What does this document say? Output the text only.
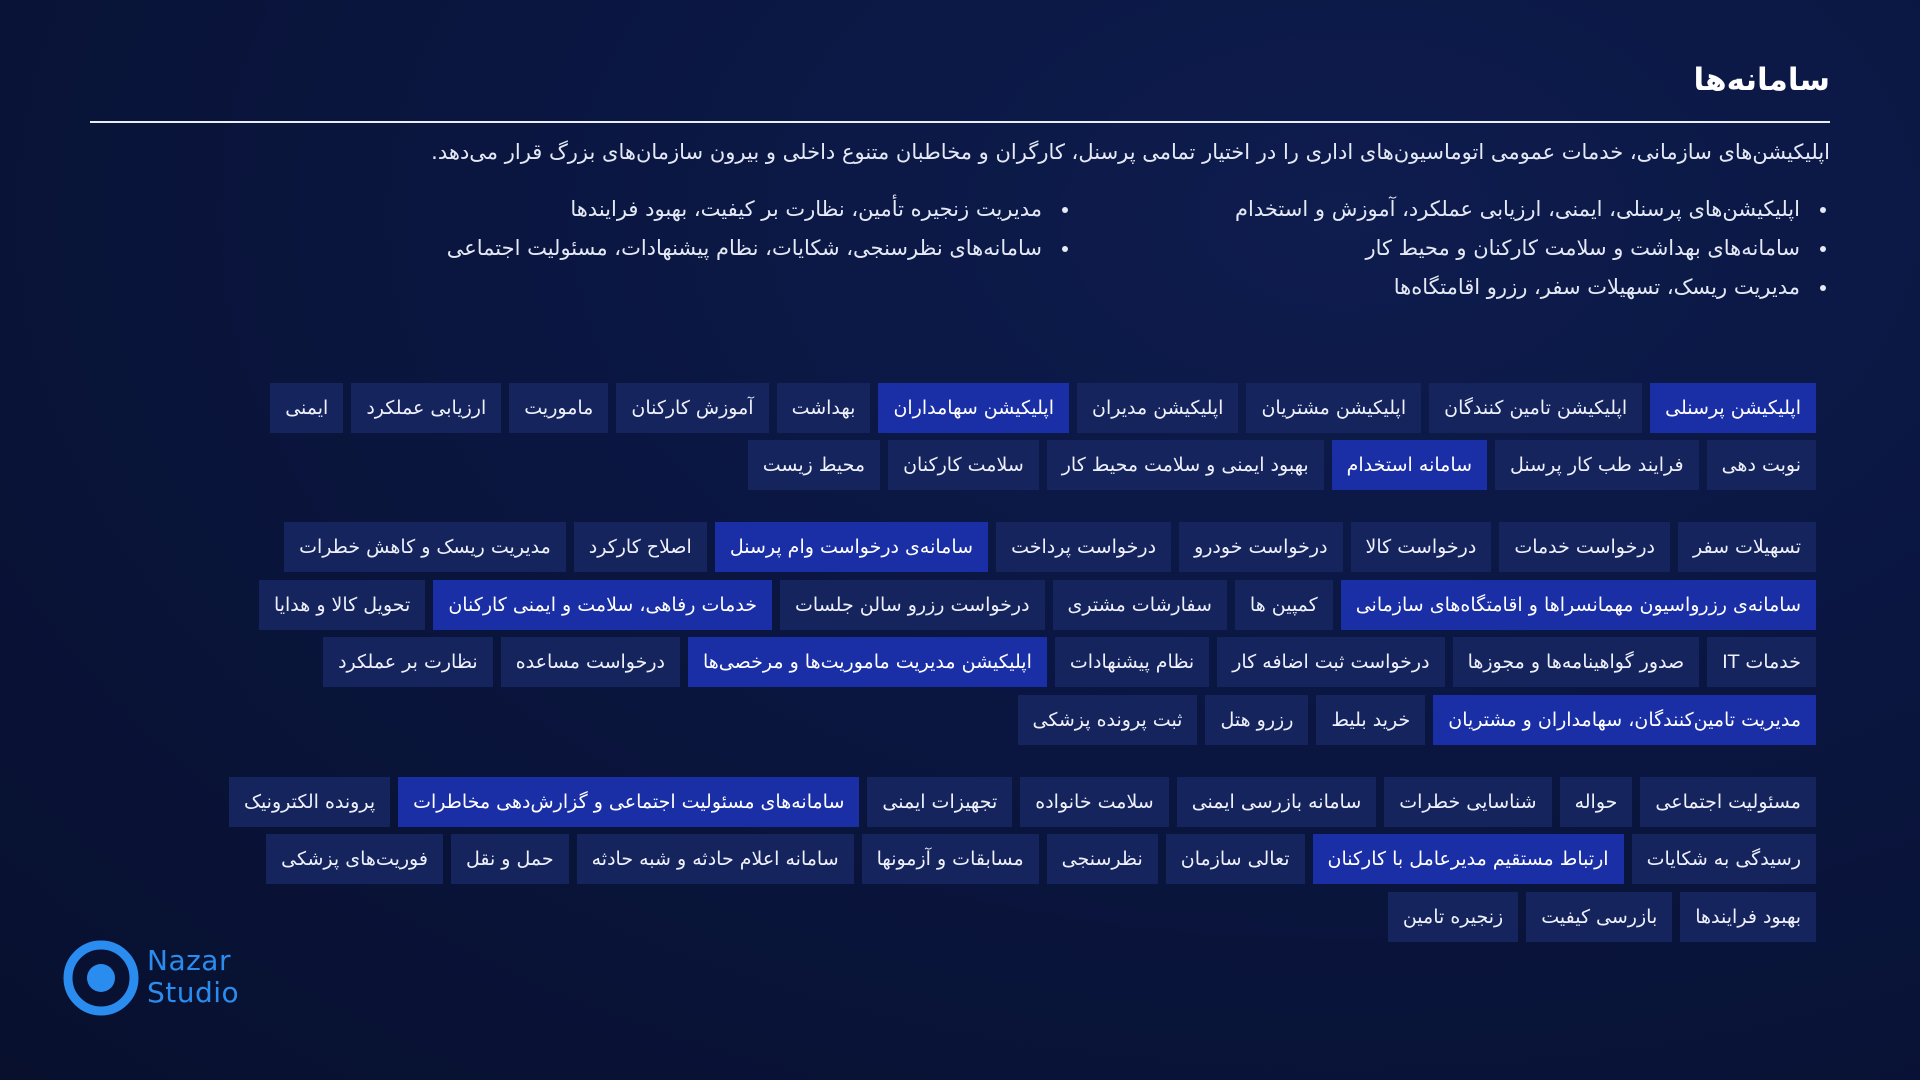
سامانه‌ها
اپلیکیشن‌های سازمانی، خدمات عمومی اتوماسیون‌های اداری را در اختیار تمامی پرسنل، کارگران و مخاطبان متنوع داخلی و بیرون سازمان‌های بزرگ قرار می‌دهد.
اپلیکیشن‌های پرسنلی، ایمنی، ارزیابی عملکرد، آموزش و استخدام
سامانه‌های بهداشت و سلامت کارکنان و محیط کار
مدیریت ریسک، تسهیلات سفر، رزرو اقامتگاه‌ها
مدیریت زنجیره تأمین، نظارت بر کیفیت، بهبود فرایندها
سامانه‌های نظرسنجی، شکایات، نظام پیشنهادات، مسئولیت اجتماعی
اپلیکیشن پرسنلی
اپلیکیشن تامین کنندگان
اپلیکیشن مشتریان
اپلیکیشن مدیران
اپلیکیشن سهامداران
بهداشت
آموزش کارکنان
ماموریت
ارزیابی عملکرد
ایمنی
نوبت دهی
فرایند طب کار پرسنل
سامانه استخدام
بهبود ایمنی و سلامت محیط کار
سلامت کارکنان
محیط زیست
تسهیلات سفر
درخواست خدمات
درخواست کالا
درخواست خودرو
درخواست پرداخت
سامانه‌ی درخواست وام پرسنل
اصلاح کارکرد
مدیریت ریسک و کاهش خطرات
سامانه‌ی رزرواسیون مهمانسراها و اقامتگاه‌های سازمانی
کمپین ها
سفارشات مشتری
درخواست رزرو سالن جلسات
خدمات رفاهی، سلامت و ایمنی کارکنان
تحویل کالا و هدایا
خدمات IT
صدور گواهینامه‌ها و مجوزها
درخواست ثبت اضافه کار
نظام پیشنهادات
اپلیکیشن مدیریت ماموریت‌ها و مرخصی‌ها
درخواست مساعده
نظارت بر عملکرد
مدیریت تامین‌کنندگان، سهامداران و مشتریان
خرید بلیط
رزرو هتل
ثبت پرونده پزشکی
مسئولیت اجتماعی
حواله
شناسایی خطرات
سامانه بازرسی ایمنی
سلامت خانواده
تجهیزات ایمنی
سامانه‌های مسئولیت اجتماعی و گزارش‌دهی مخاطرات
پرونده الکترونیک
رسیدگی به شکایات
ارتباط مستقیم مدیرعامل با کارکنان
تعالی سازمان
نظرسنجی
مسابقات و آزمونها
سامانه اعلام حادثه و شبه حادثه
حمل و نقل
فوریت‌های پزشکی
بهبود فرایندها
بازرسی کیفیت
زنجیره تامین
Nazar
Studio
